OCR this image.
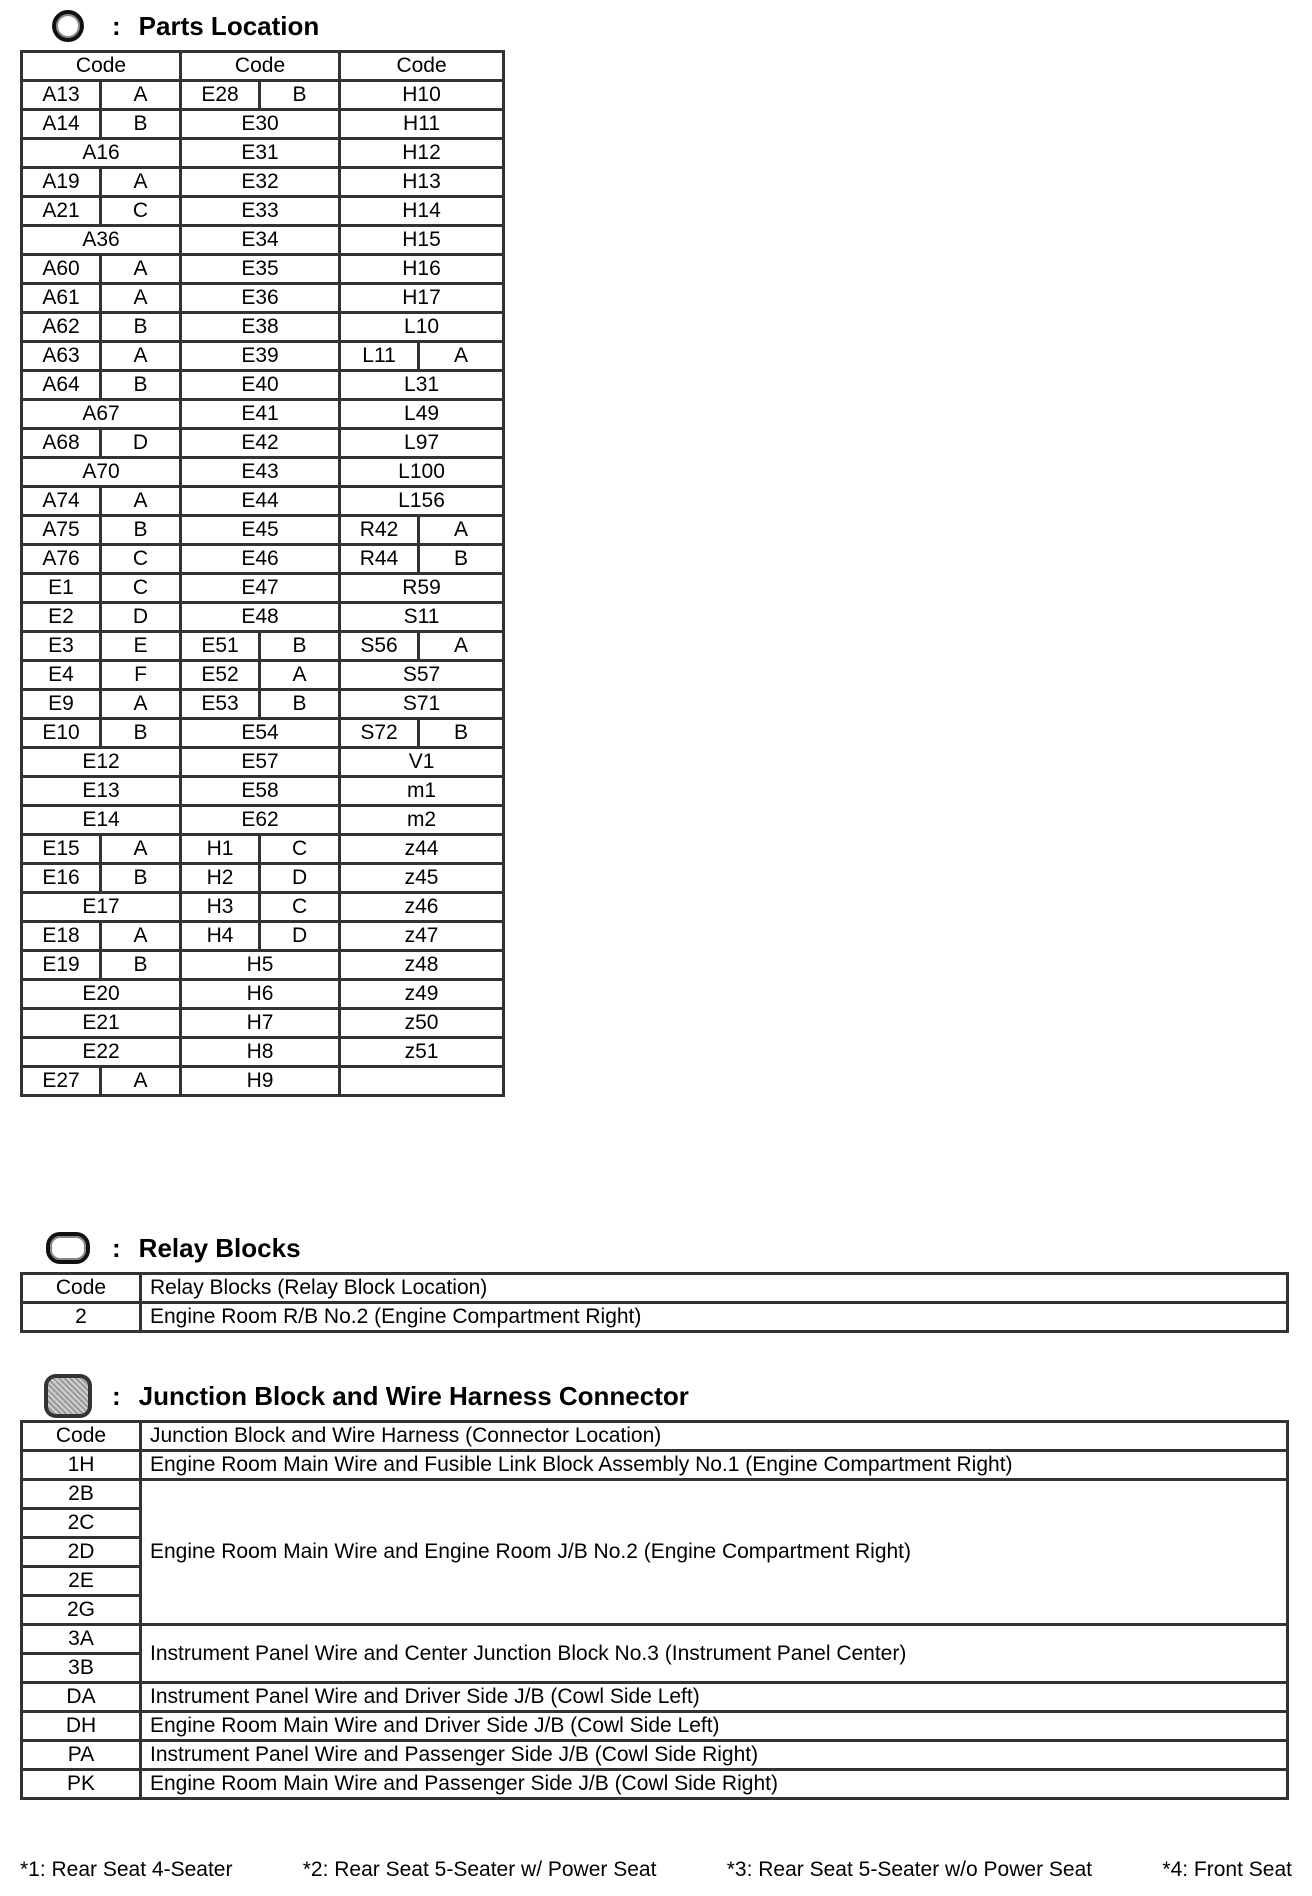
: Parts Location
Code		Code		Code	
A13	A	E28	B	H10	
A14	B	E30		H11	
A16		E31		H12	
A19	A	E32		H13	
A21	C	E33		H14	
A36		E34		H15	
A60	A	E35		H16	
A61	A	E36		H17	
A62	B	E38		L10	
A63	A	E39		L11	A
A64	B	E40		L31	
A67		E41		L49	
A68	D	E42		L97	
A70		E43		L100	
A74	A	E44		L156	
A75	B	E45		R42	A
A76	C	E46		R44	B
E1	C	E47		R59	
E2	D	E48		S11	
E3	E	E51	B	S56	A
E4	F	E52	A	S57	
E9	A	E53	B	S71	
E10	B	E54		S72	B
E12		E57		V1	
E13		E58		m1	
E14		E62		m2	
E15	A	H1	C	z44	
E16	B	H2	D	z45	
E17		H3	C	z46	
E18	A	H4	D	z47	
E19	B	H5		z48	
E20		H6		z49	
E21		H7		z50	
E22		H8		z51	
E27	A	H9			
: Relay Blocks
Code	Relay Blocks (Relay Block Location)
2	Engine Room R/B No.2 (Engine Compartment Right)
: Junction Block and Wire Harness Connector
Code	Junction Block and Wire Harness (Connector Location)
1H	Engine Room Main Wire and Fusible Link Block Assembly No.1 (Engine Compartment Right)
2B	Engine Room Main Wire and Engine Room J/B No.2 (Engine Compartment Right)
2C	
2D	
2E	
2G	
3A	Instrument Panel Wire and Center Junction Block No.3 (Instrument Panel Center)
3B	
DA	Instrument Panel Wire and Driver Side J/B (Cowl Side Left)
DH	Engine Room Main Wire and Driver Side J/B (Cowl Side Left)
PA	Instrument Panel Wire and Passenger Side J/B (Cowl Side Right)
PK	Engine Room Main Wire and Passenger Side J/B (Cowl Side Right)
*1: Rear Seat 4-Seater	*2: Rear Seat 5-Seater w/ Power Seat	*3: Rear Seat 5-Seater w/o Power Seat	*4: Front Seat
